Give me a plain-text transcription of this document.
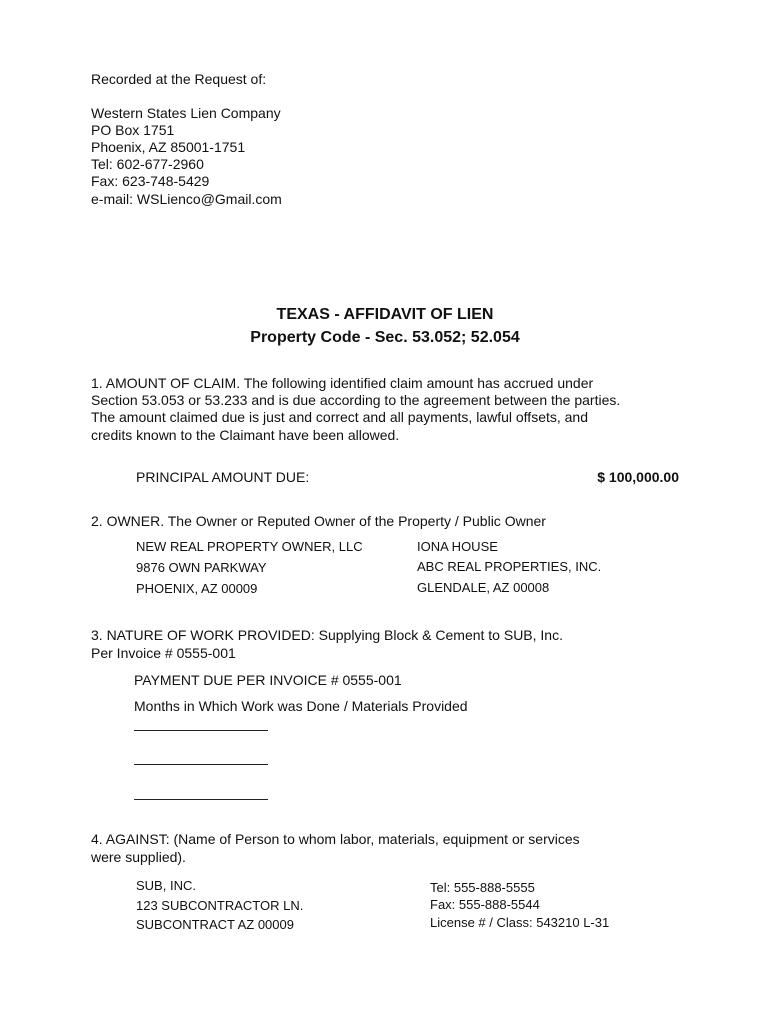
Recorded at the Request of:
Western States Lien Company
PO Box 1751
Phoenix, AZ 85001-1751
Tel: 602-677-2960
Fax: 623-748-5429
e-mail: WSLienco@Gmail.com
TEXAS - AFFIDAVIT OF LIEN
Property Code - Sec. 53.052; 52.054
1. AMOUNT OF CLAIM. The following identified claim amount has accrued under
Section 53.053 or 53.233 and is due according to the agreement between the parties.
The amount claimed due is just and correct and all payments, lawful offsets, and
credits known to the Claimant have been allowed.
PRINCIPAL AMOUNT DUE:	$ 100,000.00
2. OWNER. The Owner or Reputed Owner of the Property / Public Owner
NEW REAL PROPERTY OWNER, LLC
9876 OWN PARKWAY
PHOENIX, AZ 00009
IONA HOUSE
ABC REAL PROPERTIES, INC.
GLENDALE, AZ 00008
3. NATURE OF WORK PROVIDED: Supplying Block & Cement to SUB, Inc.
Per Invoice # 0555-001
PAYMENT DUE PER INVOICE # 0555-001
Months in Which Work was Done / Materials Provided
4. AGAINST: (Name of Person to whom labor, materials, equipment or services
were supplied).
SUB, INC.
123 SUBCONTRACTOR LN.
SUBCONTRACT AZ 00009
Tel: 555-888-5555
Fax: 555-888-5544
License # / Class: 543210 L-31
